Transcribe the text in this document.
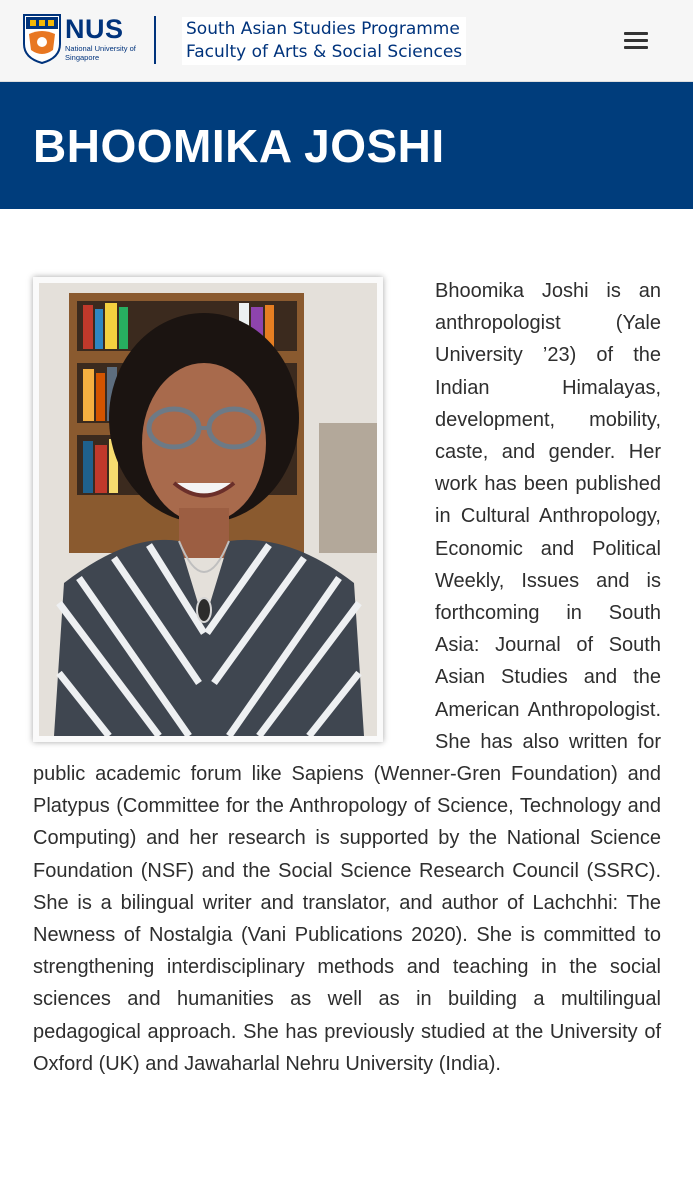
NUS
National University of Singapore
South Asian Studies Programme
Faculty of Arts & Social Sciences
BHOOMIKA JOSHI
Bhoomika Joshi is an anthropologist (Yale University ’23) of the Indian Himalayas, development, mobility, caste, and gender. Her work has been published in Cultural Anthropology, Economic and Political Weekly, Issues and is forthcoming in South Asia: Journal of South Asian Studies and the American Anthropologist. She has also written for public academic forum like Sapiens (Wenner-Gren Foundation) and Platypus (Committee for the Anthropology of Science, Technology and Computing) and her research is supported by the National Science Foundation (NSF) and the Social Science Research Council (SSRC). She is a bilingual writer and translator, and author of Lachchhi: The Newness of Nostalgia (Vani Publications 2020). She is committed to strengthening interdisciplinary methods and teaching in the social sciences and humanities as well as in building a multilingual pedagogical approach. She has previously studied at the University of Oxford (UK) and Jawaharlal Nehru University (India).
